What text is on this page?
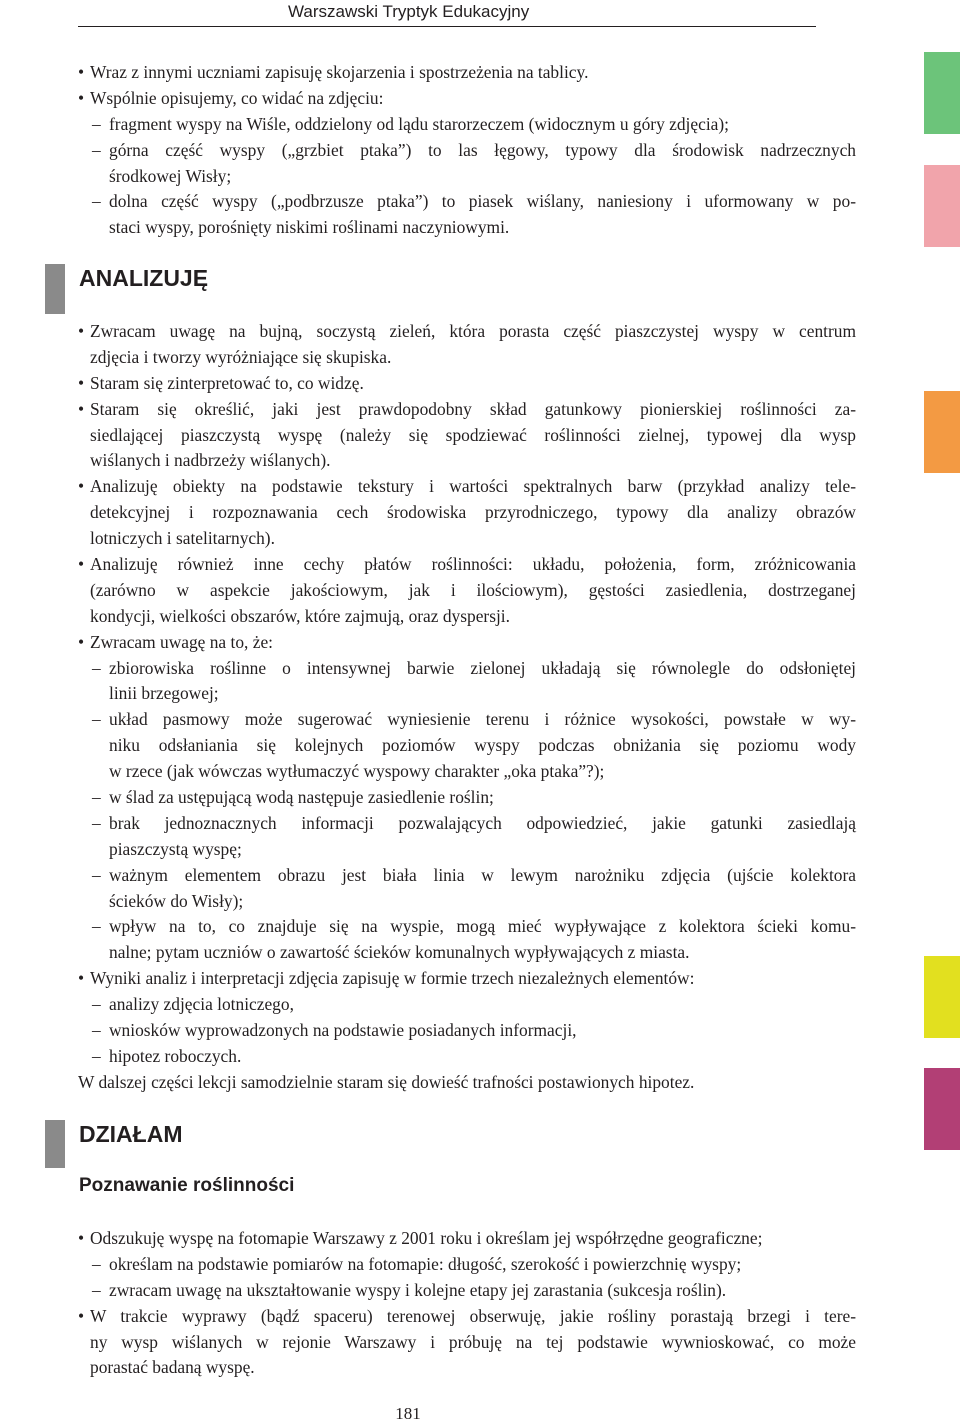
Warszawski Tryptyk Edukacyjny
• Wraz z innymi uczniami zapisuję skojarzenia i spostrzeżenia na tablicy.
• Wspólnie opisujemy, co widać na zdjęciu:
– fragment wyspy na Wiśle, oddzielony od lądu starorzeczem (widocznym u góry zdjęcia);
– górna część wyspy („grzbiet ptaka”) to las łęgowy, typowy dla środowisk nadrzecznych
środkowej Wisły;
– dolna część wyspy („podbrzusze ptaka”) to piasek wiślany, naniesiony i uformowany w po-
staci wyspy, porośnięty niskimi roślinami naczyniowymi.
ANALIZUJĘ
• Zwracam uwagę na bujną, soczystą zieleń, która porasta część piaszczystej wyspy w centrum
zdjęcia i tworzy wyróżniające się skupiska.
• Staram się zinterpretować to, co widzę.
• Staram się określić, jaki jest prawdopodobny skład gatunkowy pionierskiej roślinności za-
siedlającej piaszczystą wyspę (należy się spodziewać roślinności zielnej, typowej dla wysp
wiślanych i nadbrzeży wiślanych).
• Analizuję obiekty na podstawie tekstury i wartości spektralnych barw (przykład analizy tele-
detekcyjnej i rozpoznawania cech środowiska przyrodniczego, typowy dla analizy obrazów
lotniczych i satelitarnych).
• Analizuję również inne cechy płatów roślinności: układu, położenia, form, zróżnicowania
(zarówno w aspekcie jakościowym, jak i ilościowym), gęstości zasiedlenia, dostrzeganej
kondycji, wielkości obszarów, które zajmują, oraz dyspersji.
• Zwracam uwagę na to, że:
– zbiorowiska roślinne o intensywnej barwie zielonej układają się równolegle do odsłoniętej
linii brzegowej;
– układ pasmowy może sugerować wyniesienie terenu i różnice wysokości, powstałe w wy-
niku odsłaniania się kolejnych poziomów wyspy podczas obniżania się poziomu wody
w rzece (jak wówczas wytłumaczyć wyspowy charakter „oka ptaka”?);
– w ślad za ustępującą wodą następuje zasiedlenie roślin;
– brak jednoznacznych informacji pozwalających odpowiedzieć, jakie gatunki zasiedlają
piaszczystą wyspę;
– ważnym elementem obrazu jest biała linia w lewym narożniku zdjęcia (ujście kolektora
ścieków do Wisły);
– wpływ na to, co znajduje się na wyspie, mogą mieć wypływające z kolektora ścieki komu-
nalne; pytam uczniów o zawartość ścieków komunalnych wypływających z miasta.
• Wyniki analiz i interpretacji zdjęcia zapisuję w formie trzech niezależnych elementów:
– analizy zdjęcia lotniczego,
– wniosków wyprowadzonych na podstawie posiadanych informacji,
– hipotez roboczych.
W dalszej części lekcji samodzielnie staram się dowieść trafności postawionych hipotez.
DZIAŁAM
Poznawanie roślinności
• Odszukuję wyspę na fotomapie Warszawy z 2001 roku i określam jej współrzędne geograficzne;
– określam na podstawie pomiarów na fotomapie: długość, szerokość i powierzchnię wyspy;
– zwracam uwagę na ukształtowanie wyspy i kolejne etapy jej zarastania (sukcesja roślin).
• W trakcie wyprawy (bądź spaceru) terenowej obserwuję, jakie rośliny porastają brzegi i tere-
ny wysp wiślanych w rejonie Warszawy i próbuję na tej podstawie wywnioskować, co może
porastać badaną wyspę.
181
